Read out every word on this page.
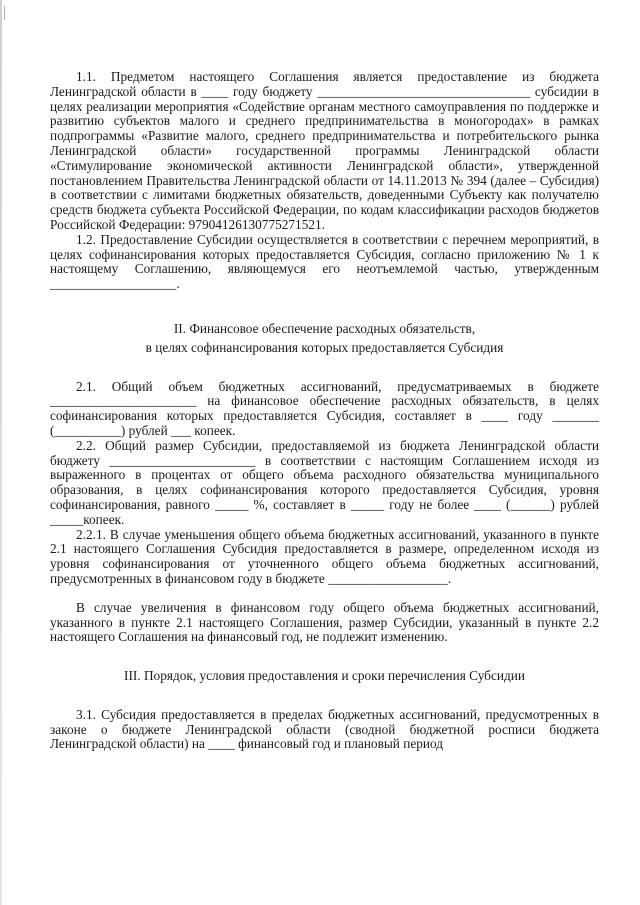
1.1. Предметом настоящего Соглашения является предоставление из бюджета Ленинградской области в ____ году бюджету ________________________________ субсидии в целях реализации мероприятия «Содействие органам местного самоуправления по поддержке и развитию субъектов малого и среднего предпринимательства в моногородах» в рамках подпрограммы «Развитие малого, среднего предпринимательства и потребительского рынка Ленинградской области» государственной программы Ленинградской области «Стимулирование экономической активности Ленинградской области», утвержденной постановлением Правительства Ленинградской области от 14.11.2013 № 394 (далее – Субсидия) в соответствии с лимитами бюджетных обязательств, доведенными Субъекту как получателю средств бюджета субъекта Российской Федерации, по кодам классификации расходов бюджетов Российской Федерации: 97904126130775271521.

1.2. Предоставление Субсидии осуществляется в соответствии с перечнем мероприятий, в целях софинансирования которых предоставляется Субсидия, согласно приложению № 1 к настоящему Соглашению, являющемуся его неотъемлемой частью, утвержденным ___________________.

II. Финансовое обеспечение расходных обязательств,

в целях софинансирования которых предоставляется Субсидия

2.1. Общий объем бюджетных ассигнований, предусматриваемых в бюджете ______________________ на финансовое обеспечение расходных обязательств, в целях софинансирования которых предоставляется Субсидия, составляет в ____ году _______ (__________) рублей ___ копеек.

2.2. Общий размер Субсидии, предоставляемой из бюджета Ленинградской области бюджету ______________________ в соответствии с настоящим Соглашением исходя из выраженного в процентах от общего объема расходного обязательства муниципального образования, в целях софинансирования которого предоставляется Субсидия, уровня софинансирования, равного _____ %, составляет в _____ году не более ____ (______) рублей _____копеек.

2.2.1. В случае уменьшения общего объема бюджетных ассигнований, указанного в пункте 2.1 настоящего Соглашения Субсидия предоставляется в размере, определенном исходя из уровня софинансирования от уточненного общего объема бюджетных ассигнований, предусмотренных в финансовом году в бюджете __________________.

В случае увеличения в финансовом году общего объема бюджетных ассигнований, указанного в пункте 2.1 настоящего Соглашения, размер Субсидии, указанный в пункте 2.2 настоящего Соглашения на финансовый год, не подлежит изменению.

III. Порядок, условия предоставления и сроки перечисления Субсидии

3.1. Субсидия предоставляется в пределах бюджетных ассигнований, предусмотренных в законе о бюджете Ленинградской области (сводной бюджетной росписи бюджета Ленинградской области) на ____ финансовый год и плановый период
